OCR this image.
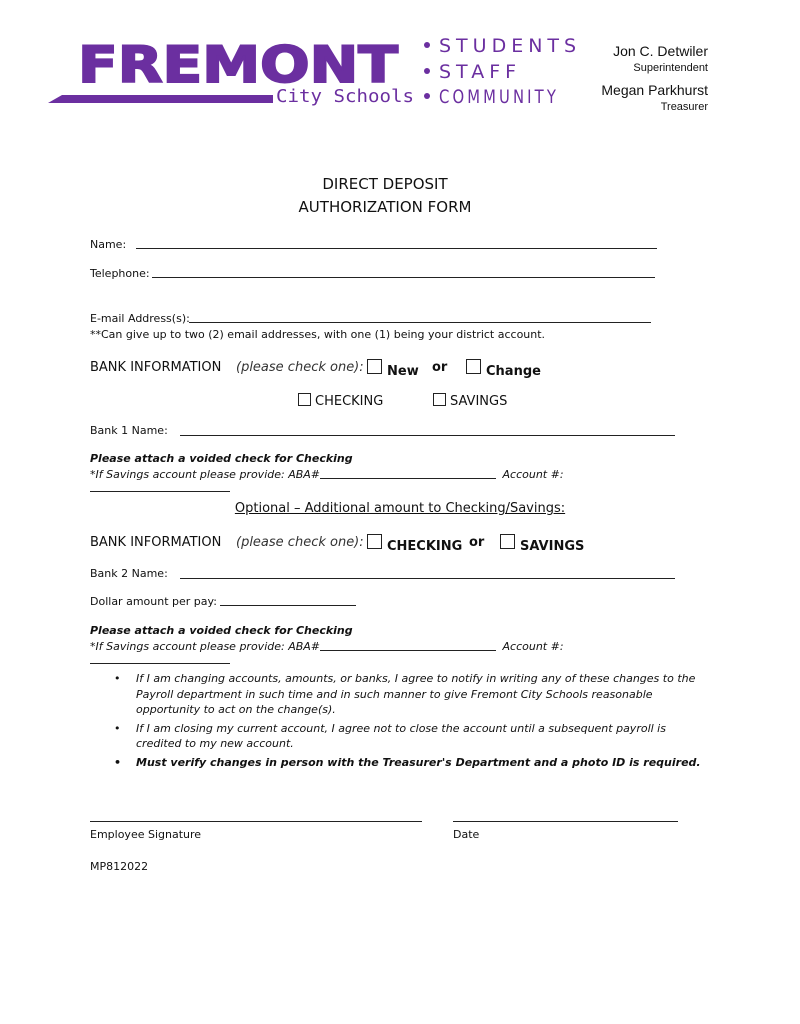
FREMONT
City Schools
STUDENTS
STAFF
COMMUNITY
Jon C. Detwiler
Superintendent
Megan Parkhurst
Treasurer
DIRECT DEPOSIT
AUTHORIZATION FORM
Name:
Telephone:
E-mail Address(s):
**Can give up to two (2) email addresses, with one (1) being your district account.
BANK INFORMATION (please check one):	New or	Change
CHECKING	SAVINGS
Bank 1 Name:
Please attach a voided check for Checking
*If Savings account please provide: ABA#	Account #:
Optional – Additional amount to Checking/Savings:
BANK INFORMATION (please check one):	CHECKING or	SAVINGS
Bank 2 Name:
Dollar amount per pay:
Please attach a voided check for Checking
*If Savings account please provide: ABA#	Account #:
• If I am changing accounts, amounts, or banks, I agree to notify in writing any of these changes to the Payroll department in such time and in such manner to give Fremont City Schools reasonable opportunity to act on the change(s).
• If I am closing my current account, I agree not to close the account until a subsequent payroll is credited to my new account.
• Must verify changes in person with the Treasurer's Department and a photo ID is required.
Employee Signature	Date
MP812022
